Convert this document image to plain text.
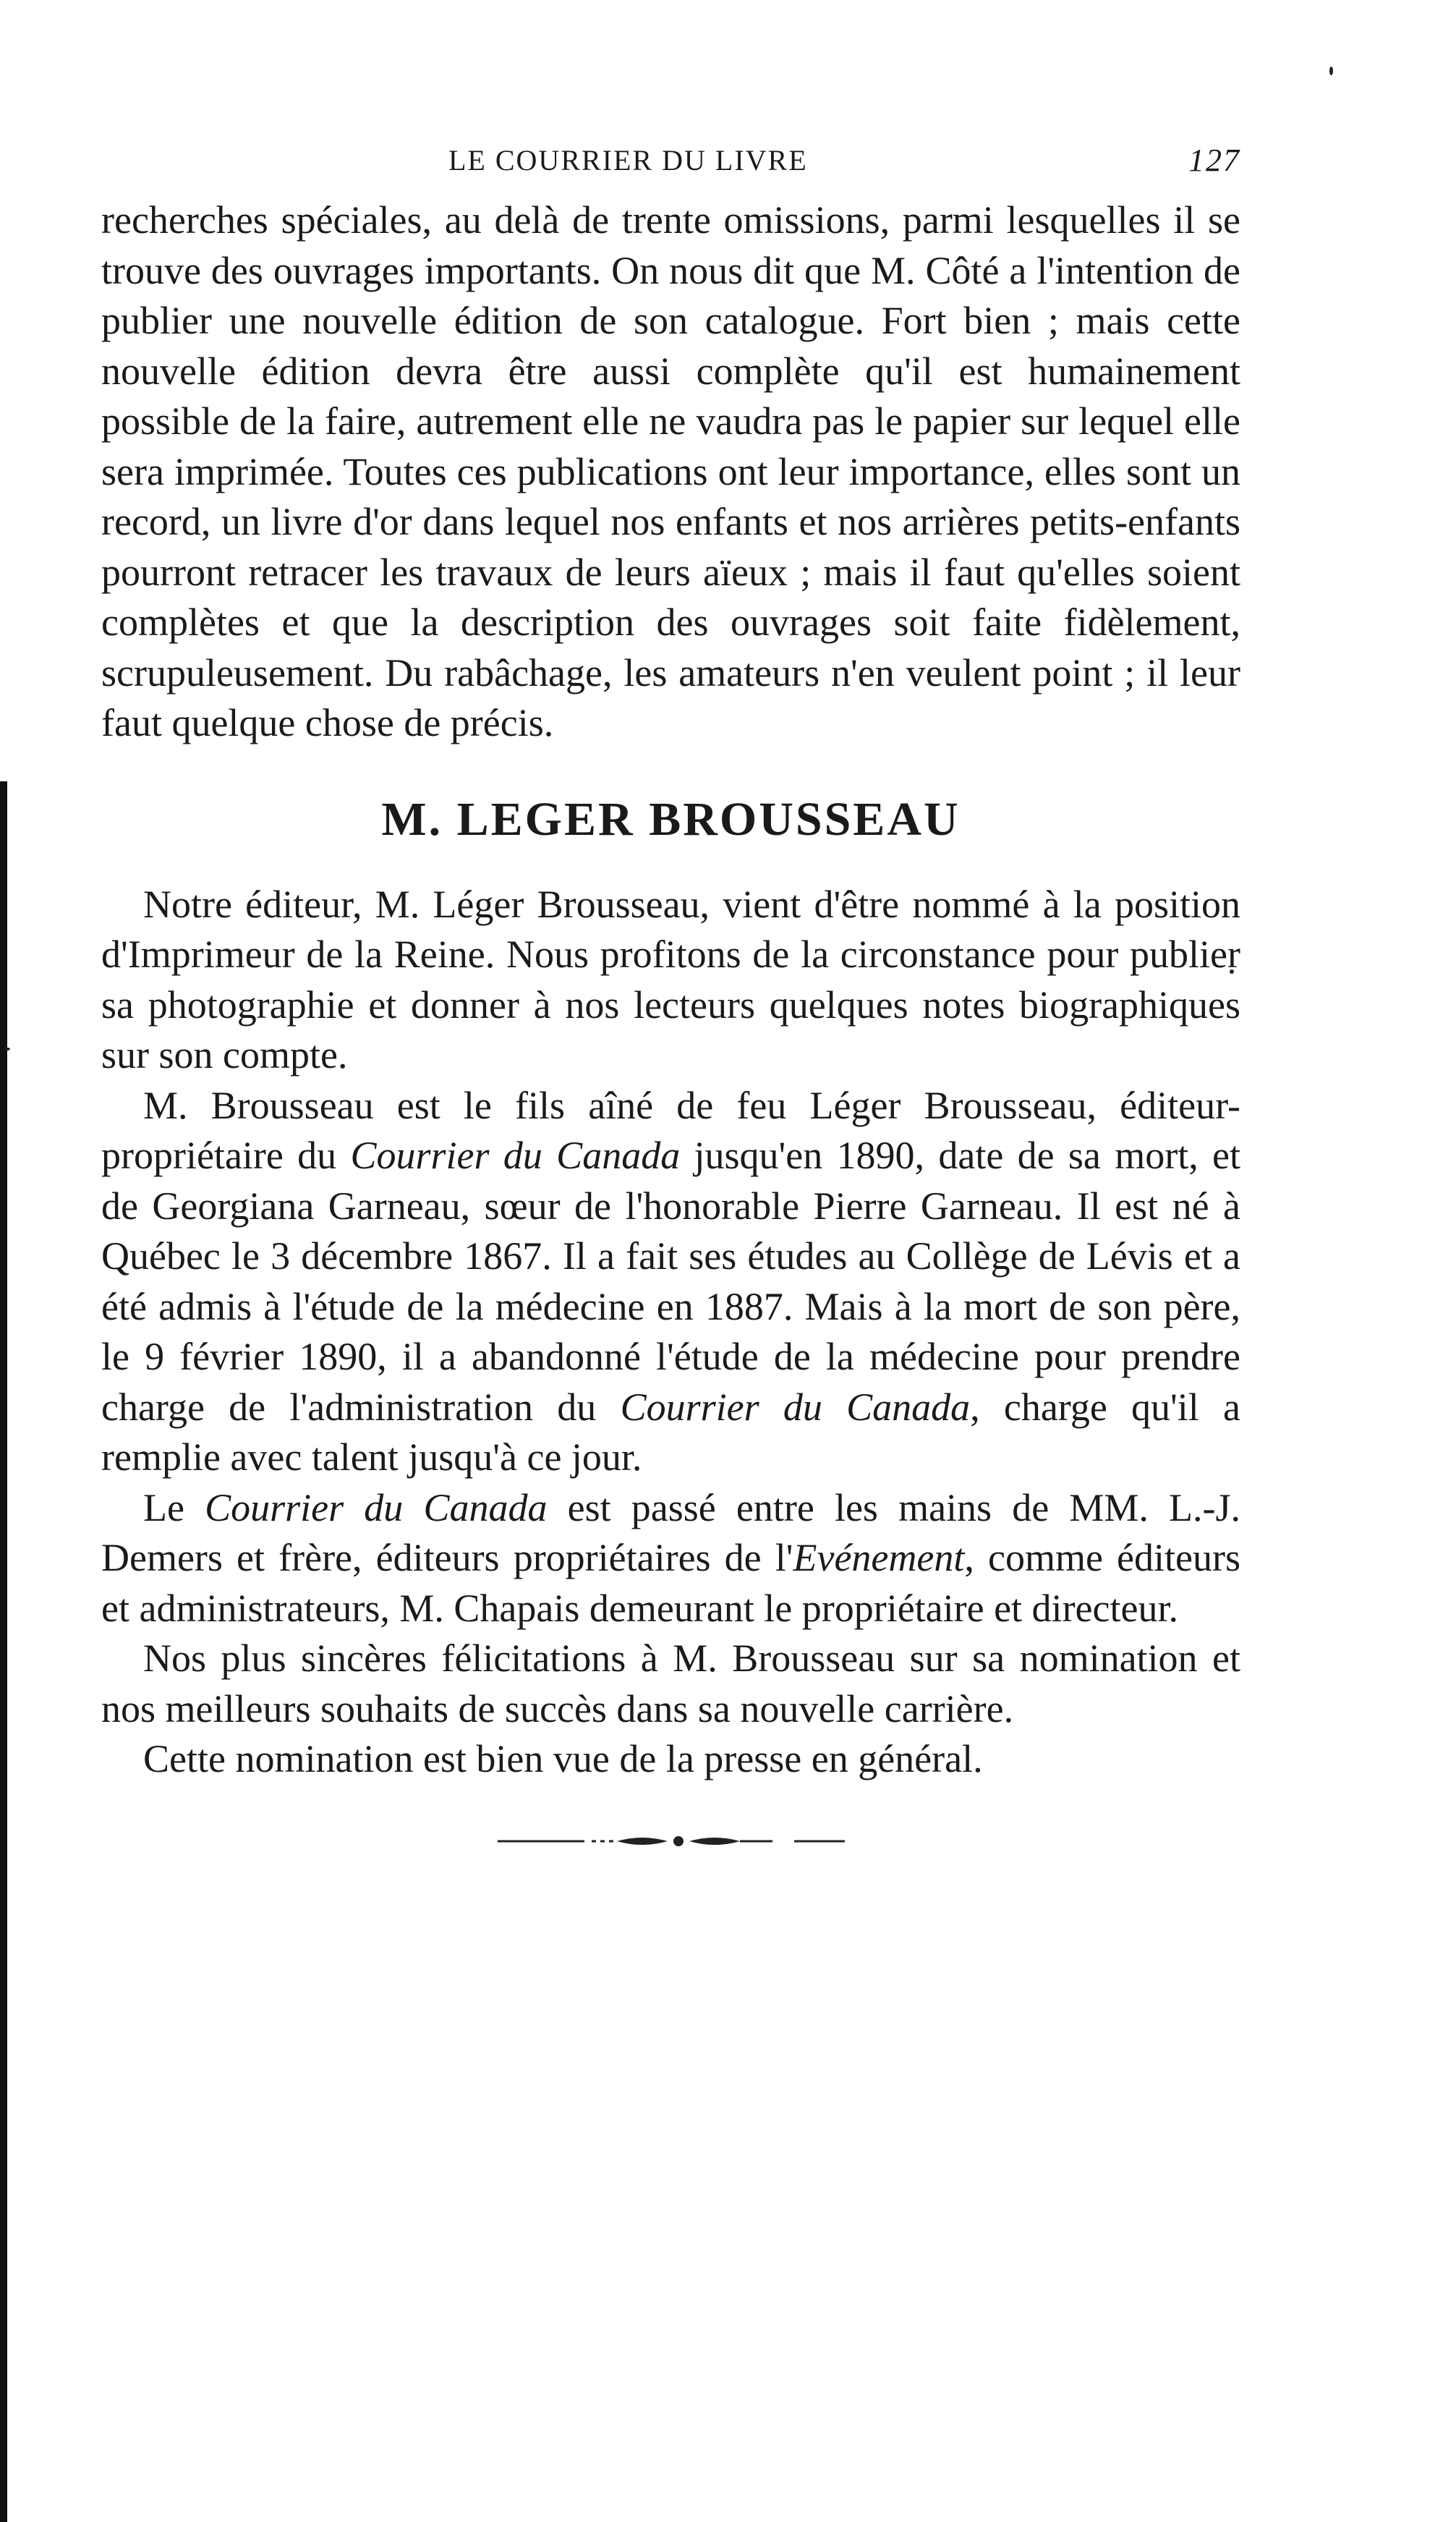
LE COURRIER DU LIVRE	127

recherches spéciales, au delà de trente omissions, parmi lesquelles il se trouve des ouvrages importants. On nous dit que M. Côté a l'intention de publier une nouvelle édition de son catalogue. Fort bien ; mais cette nouvelle édition devra être aussi complète qu'il est humainement possible de la faire, autrement elle ne vaudra pas le papier sur lequel elle sera imprimée. Toutes ces publications ont leur importance, elles sont un record, un livre d'or dans lequel nos enfants et nos arrières petits-enfants pourront retracer les travaux de leurs aïeux ; mais il faut qu'elles soient complètes et que la description des ouvrages soit faite fidèlement, scrupuleusement. Du rabâchage, les amateurs n'en veulent point ; il leur faut quelque chose de précis.

M. LEGER BROUSSEAU

Notre éditeur, M. Léger Brousseau, vient d'être nommé à la position d'Imprimeur de la Reine. Nous profitons de la circonstance pour publier sa photographie et donner à nos lecteurs quelques notes biographiques sur son compte.

M. Brousseau est le fils aîné de feu Léger Brousseau, éditeur-propriétaire du Courrier du Canada jusqu'en 1890, date de sa mort, et de Georgiana Garneau, sœur de l'honorable Pierre Garneau. Il est né à Québec le 3 décembre 1867. Il a fait ses études au Collège de Lévis et a été admis à l'étude de la médecine en 1887. Mais à la mort de son père, le 9 février 1890, il a abandonné l'étude de la médecine pour prendre charge de l'administration du Courrier du Canada, charge qu'il a remplie avec talent jusqu'à ce jour.

Le Courrier du Canada est passé entre les mains de MM. L.-J. Demers et frère, éditeurs propriétaires de l'Evénement, comme éditeurs et administrateurs, M. Chapais demeurant le propriétaire et directeur.

Nos plus sincères félicitations à M. Brousseau sur sa nomination et nos meilleurs souhaits de succès dans sa nouvelle carrière.

Cette nomination est bien vue de la presse en général.
